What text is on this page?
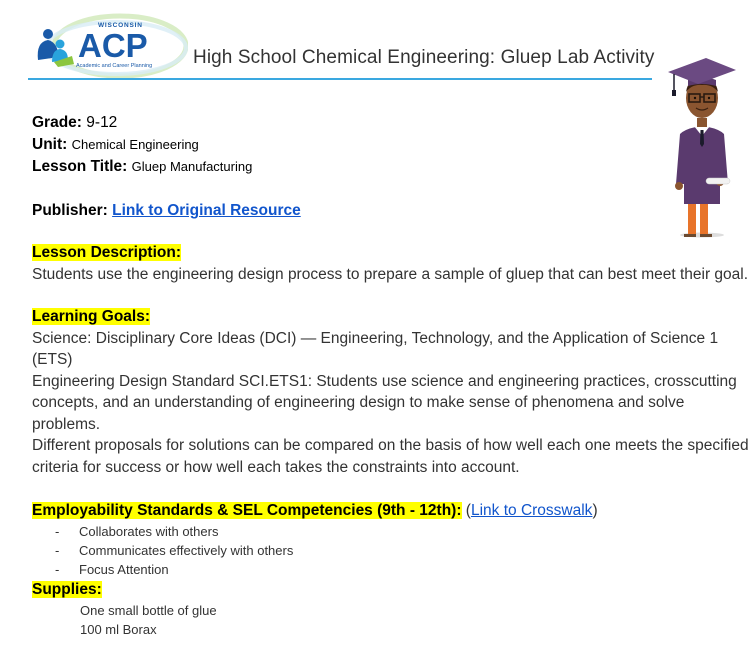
WISCONSIN
ACP
Academic and Career Planning High School Chemical Engineering: Gluep Lab Activity
Grade: 9-12
Unit: Chemical Engineering
Lesson Title: Gluep Manufacturing
Publisher: Link to Original Resource
Lesson Description:
Students use the engineering design process to prepare a sample of gluep that can best meet their goal.
Learning Goals:
Science: Disciplinary Core Ideas (DCI) — Engineering, Technology, and the Application of Science 1 (ETS)
Engineering Design Standard SCI.ETS1: Students use science and engineering practices, crosscutting concepts, and an understanding of engineering design to make sense of phenomena and solve problems.
Different proposals for solutions can be compared on the basis of how well each one meets the specified criteria for success or how well each takes the constraints into account.
Employability Standards & SEL Competencies (9th - 12th): (Link to Crosswalk)
- Collaborates with others
- Communicates effectively with others
- Focus Attention
Supplies:
One small bottle of glue
100 ml Borax
